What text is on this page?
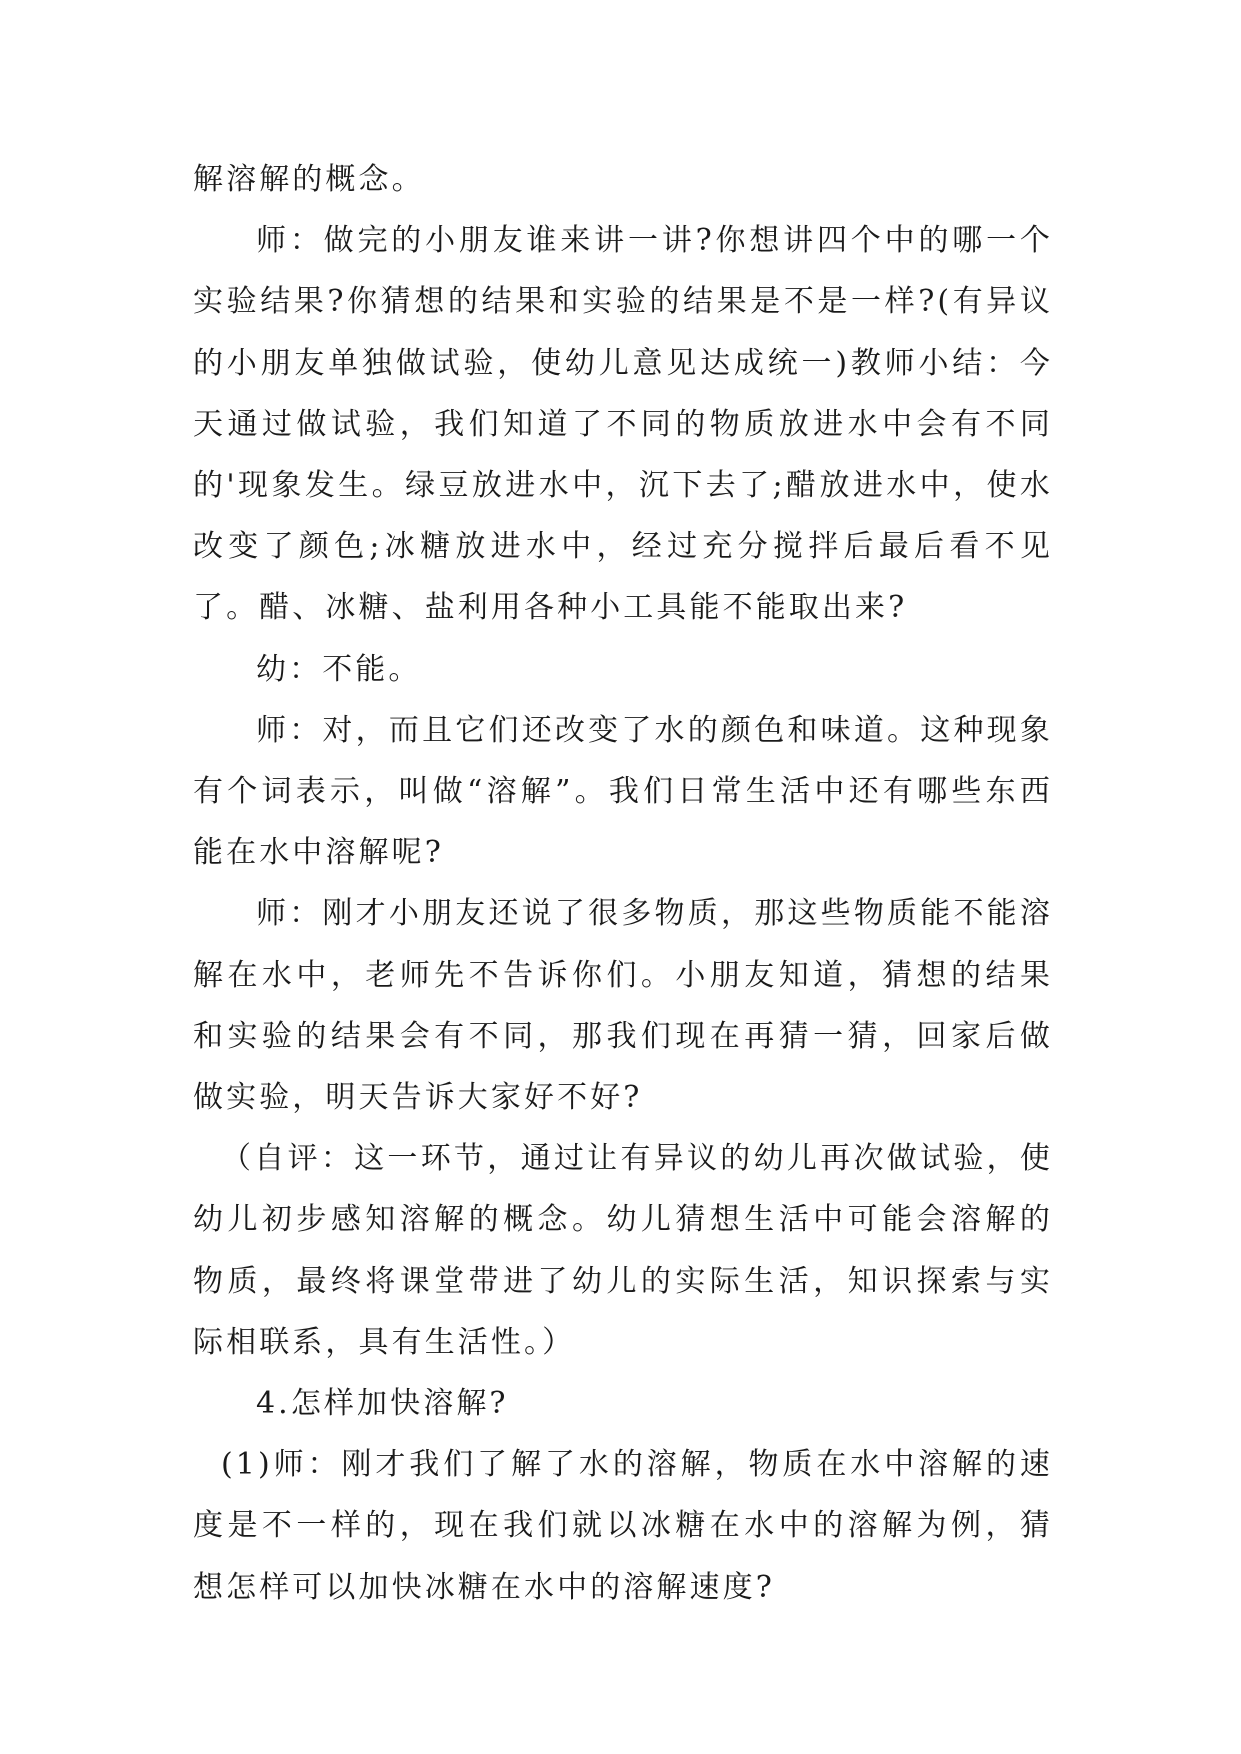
解溶解的概念。

师：做完的小朋友谁来讲一讲?你想讲四个中的哪一个实验结果?你猜想的结果和实验的结果是不是一样?(有异议的小朋友单独做试验，使幼儿意见达成统一)教师小结：今天通过做试验，我们知道了不同的物质放进水中会有不同的'现象发生。绿豆放进水中，沉下去了;醋放进水中，使水改变了颜色;冰糖放进水中，经过充分搅拌后最后看不见了。醋、冰糖、盐利用各种小工具能不能取出来?

幼：不能。

师：对，而且它们还改变了水的颜色和味道。这种现象有个词表示，叫做“溶解”。我们日常生活中还有哪些东西能在水中溶解呢?

师：刚才小朋友还说了很多物质，那这些物质能不能溶解在水中，老师先不告诉你们。小朋友知道，猜想的结果和实验的结果会有不同，那我们现在再猜一猜，回家后做做实验，明天告诉大家好不好?

（自评：这一环节，通过让有异议的幼儿再次做试验，使幼儿初步感知溶解的概念。幼儿猜想生活中可能会溶解的物质，最终将课堂带进了幼儿的实际生活，知识探索与实际相联系，具有生活性。）

4.怎样加快溶解?

(1)师：刚才我们了解了水的溶解，物质在水中溶解的速度是不一样的，现在我们就以冰糖在水中的溶解为例，猜想怎样可以加快冰糖在水中的溶解速度?
